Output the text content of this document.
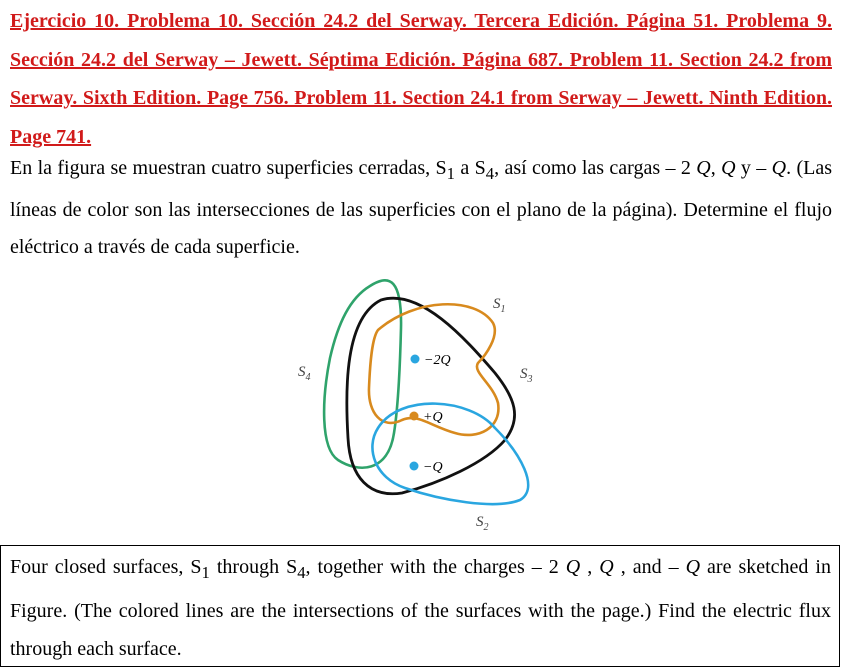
Ejercicio 10. Problema 10. Sección 24.2 del Serway. Tercera Edición. Página 51. Problema 9. Sección 24.2 del Serway – Jewett. Séptima Edición. Página 687. Problem 11. Section 24.2 from Serway. Sixth Edition. Page 756. Problem 11. Section 24.1 from Serway – Jewett. Ninth Edition. Page 741.
En la figura se muestran cuatro superficies cerradas, $S_1$ a $S_4$, así como las cargas – 2 Q, Q y – Q. (Las líneas de color son las intersecciones de las superficies con el plano de la página). Determine el flujo eléctrico a través de cada superficie.
−2Q
+Q
−Q
$S_1$
$S_3$
$S_4$
$S_2$
Four closed surfaces, $S_1$ through $S_4$, together with the charges – 2 Q , Q , and – Q are sketched in Figure. (The colored lines are the intersections of the surfaces with the page.) Find the electric flux through each surface.
